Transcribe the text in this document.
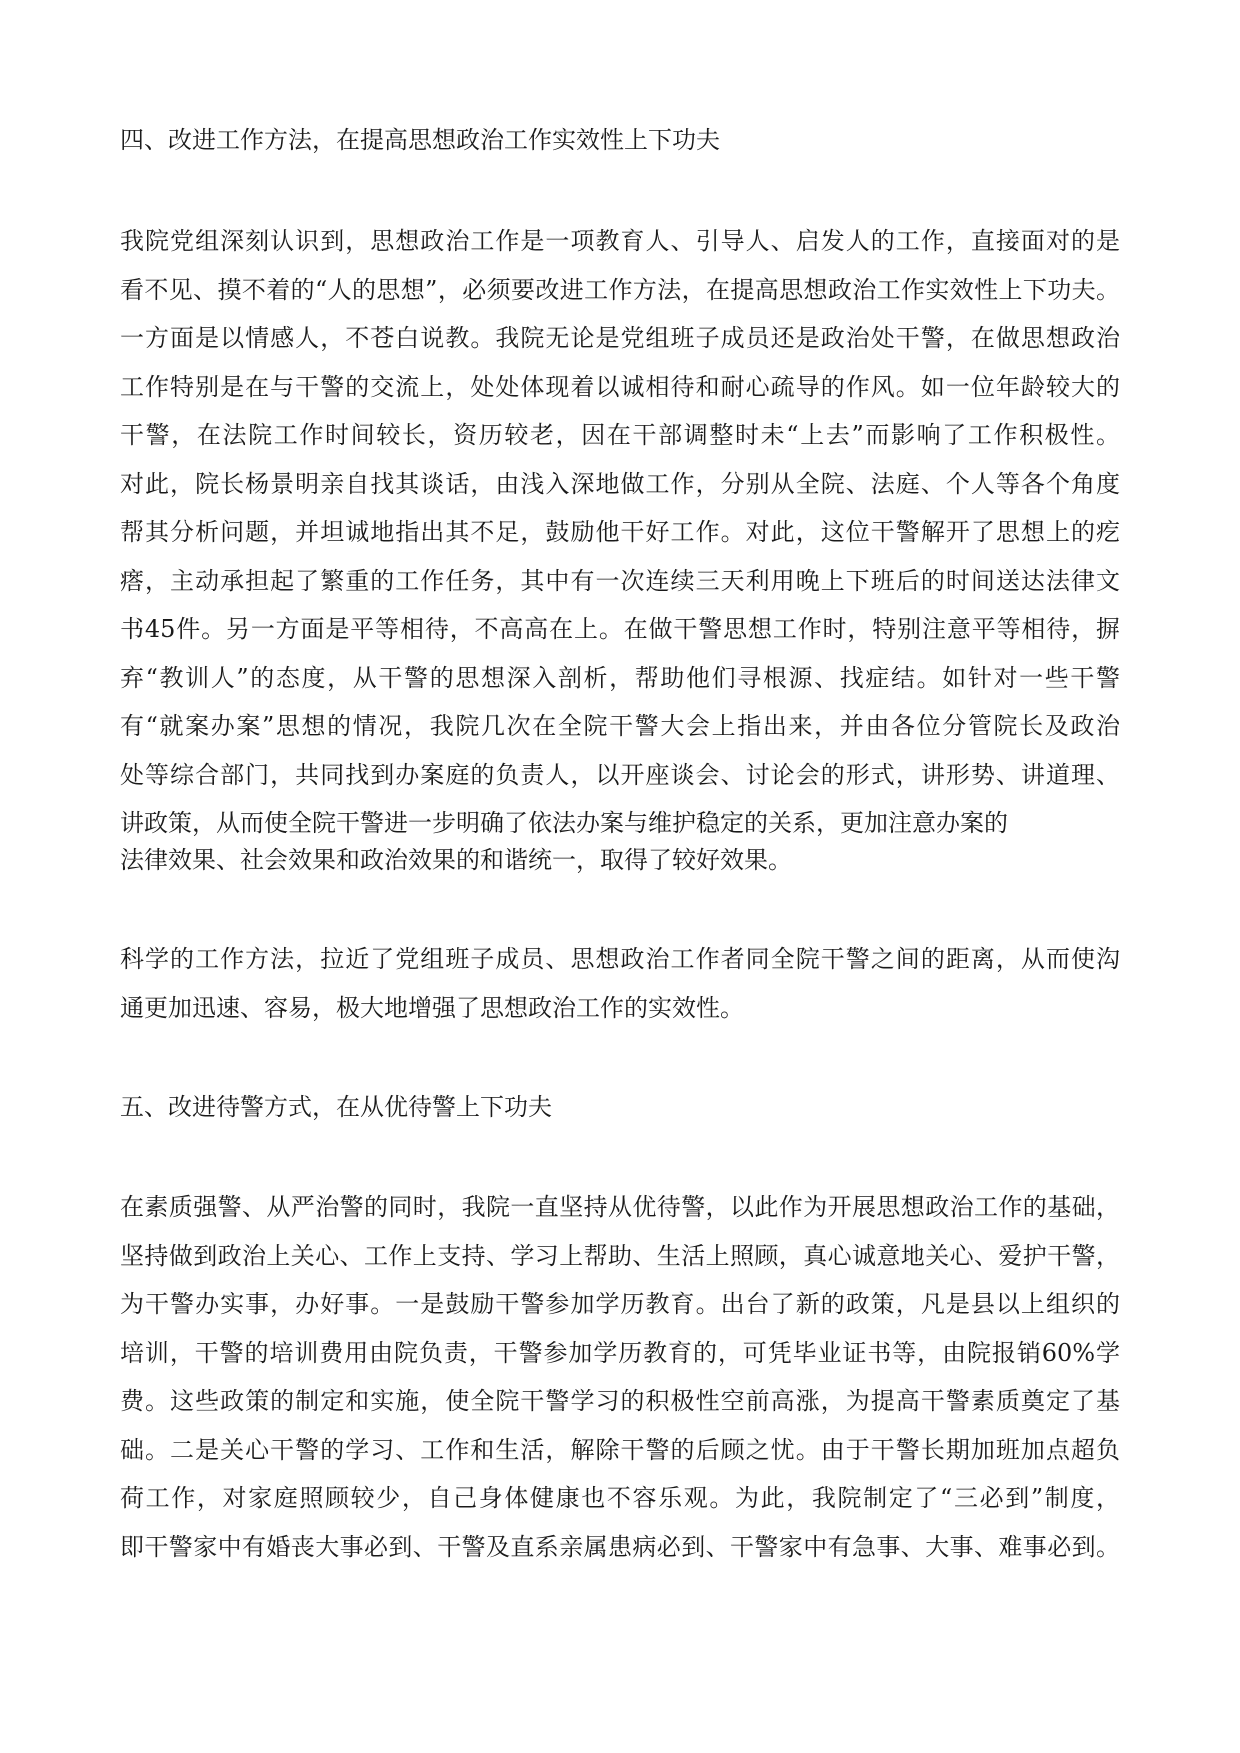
四、改进工作方法，在提高思想政治工作实效性上下功夫
我院党组深刻认识到，思想政治工作是一项教育人、引导人、启发人的工作，直接面对的是
看不见、摸不着的“人的思想”，必须要改进工作方法，在提高思想政治工作实效性上下功夫。
一方面是以情感人，不苍白说教。我院无论是党组班子成员还是政治处干警，在做思想政治
工作特别是在与干警的交流上，处处体现着以诚相待和耐心疏导的作风。如一位年龄较大的
干警，在法院工作时间较长，资历较老，因在干部调整时未“上去”而影响了工作积极性。
对此，院长杨景明亲自找其谈话，由浅入深地做工作，分别从全院、法庭、个人等各个角度
帮其分析问题，并坦诚地指出其不足，鼓励他干好工作。对此，这位干警解开了思想上的疙
瘩，主动承担起了繁重的工作任务，其中有一次连续三天利用晚上下班后的时间送达法律文
书45件。另一方面是平等相待，不高高在上。在做干警思想工作时，特别注意平等相待，摒
弃“教训人”的态度，从干警的思想深入剖析，帮助他们寻根源、找症结。如针对一些干警
有“就案办案”思想的情况，我院几次在全院干警大会上指出来，并由各位分管院长及政治
处等综合部门，共同找到办案庭的负责人，以开座谈会、讨论会的形式，讲形势、讲道理、
讲政策，从而使全院干警进一步明确了依法办案与维护稳定的关系，更加注意办案的
法律效果、社会效果和政治效果的和谐统一，取得了较好效果。
科学的工作方法，拉近了党组班子成员、思想政治工作者同全院干警之间的距离，从而使沟
通更加迅速、容易，极大地增强了思想政治工作的实效性。
五、改进待警方式，在从优待警上下功夫
在素质强警、从严治警的同时，我院一直坚持从优待警，以此作为开展思想政治工作的基础，
坚持做到政治上关心、工作上支持、学习上帮助、生活上照顾，真心诚意地关心、爱护干警，
为干警办实事，办好事。一是鼓励干警参加学历教育。出台了新的政策，凡是县以上组织的
培训，干警的培训费用由院负责，干警参加学历教育的，可凭毕业证书等，由院报销60%学
费。这些政策的制定和实施，使全院干警学习的积极性空前高涨，为提高干警素质奠定了基
础。二是关心干警的学习、工作和生活，解除干警的后顾之忧。由于干警长期加班加点超负
荷工作，对家庭照顾较少，自己身体健康也不容乐观。为此，我院制定了“三必到”制度，
即干警家中有婚丧大事必到、干警及直系亲属患病必到、干警家中有急事、大事、难事必到。
